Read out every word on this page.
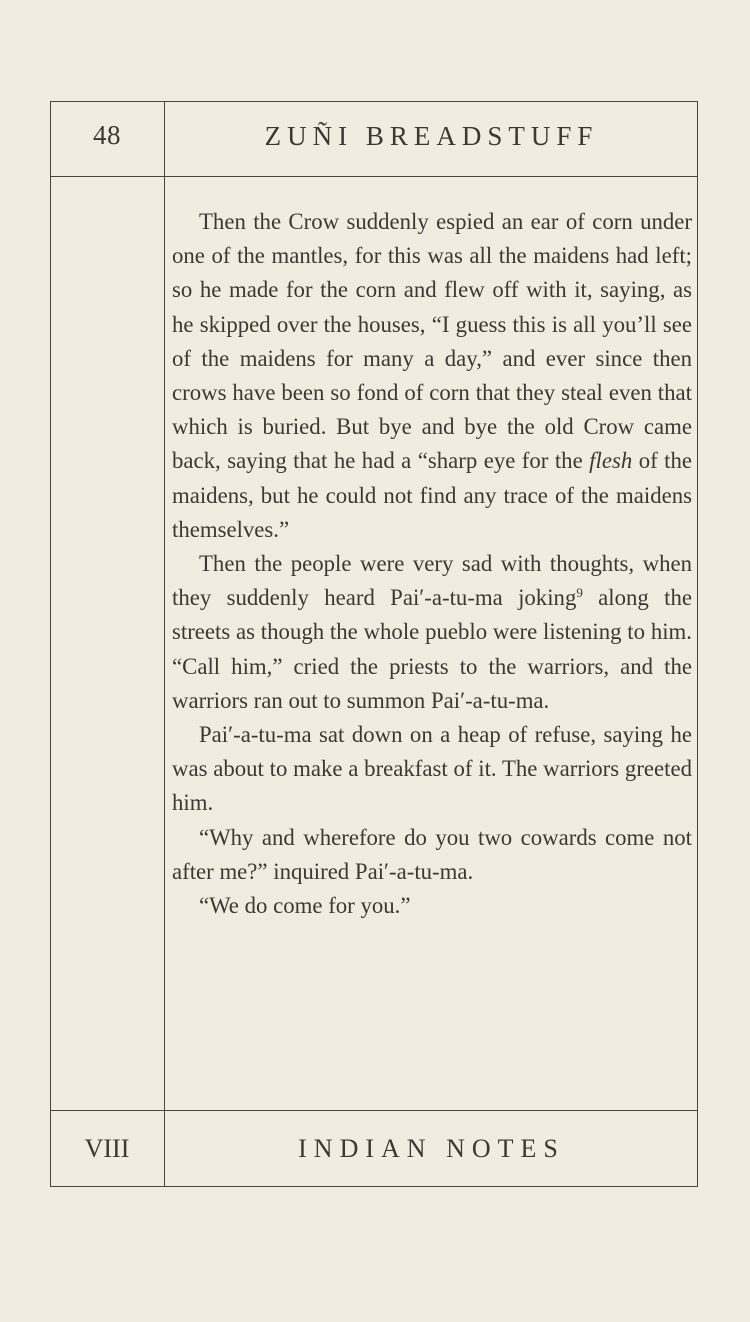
48	ZUÑI BREADSTUFF

Then the Crow suddenly espied an ear of corn under one of the mantles, for this was all the maidens had left; so he made for the corn and flew off with it, saying, as he skipped over the houses, “I guess this is all you’ll see of the maidens for many a day,” and ever since then crows have been so fond of corn that they steal even that which is buried. But bye and bye the old Crow came back, saying that he had a “sharp eye for the flesh of the maidens, but he could not find any trace of the maidens themselves.”

Then the people were very sad with thoughts, when they suddenly heard Pai′-a-tu-ma joking$^9$ along the streets as though the whole pueblo were listening to him. “Call him,” cried the priests to the warriors, and the warriors ran out to summon Pai′-a-tu-ma.

Pai′-a-tu-ma sat down on a heap of refuse, saying he was about to make a breakfast of it. The warriors greeted him.

“Why and wherefore do you two cowards come not after me?” inquired Pai′-a-tu-ma.

“We do come for you.”

VIII	INDIAN NOTES
